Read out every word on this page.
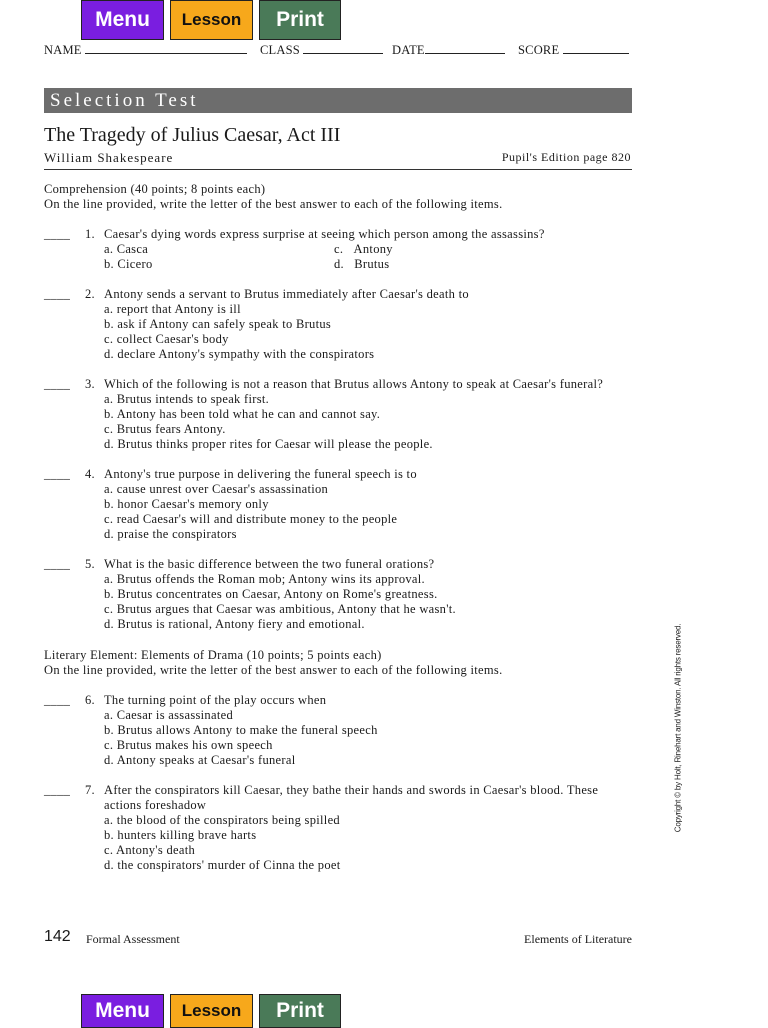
Menu	Lesson	Print
NAME	CLASS	DATE	SCORE
Selection Test
The Tragedy of Julius Caesar, Act III
William Shakespeare	Pupil's Edition page 820
Comprehension (40 points; 8 points each)
On the line provided, write the letter of the best answer to each of the following items.
____ 1. Caesar's dying words express surprise at seeing which person among the assassins?
a. Casca	c.   Antony
b. Cicero	d.   Brutus
____ 2. Antony sends a servant to Brutus immediately after Caesar's death to
a. report that Antony is ill
b. ask if Antony can safely speak to Brutus
c. collect Caesar's body
d. declare Antony's sympathy with the conspirators
____ 3. Which of the following is not a reason that Brutus allows Antony to speak at Caesar's funeral?
a. Brutus intends to speak first.
b. Antony has been told what he can and cannot say.
c. Brutus fears Antony.
d. Brutus thinks proper rites for Caesar will please the people.
____ 4. Antony's true purpose in delivering the funeral speech is to
a. cause unrest over Caesar's assassination
b. honor Caesar's memory only
c. read Caesar's will and distribute money to the people
d. praise the conspirators
____ 5. What is the basic difference between the two funeral orations?
a. Brutus offends the Roman mob; Antony wins its approval.
b. Brutus concentrates on Caesar, Antony on Rome's greatness.
c. Brutus argues that Caesar was ambitious, Antony that he wasn't.
d. Brutus is rational, Antony fiery and emotional.
Literary Element: Elements of Drama (10 points; 5 points each)
On the line provided, write the letter of the best answer to each of the following items.
____ 6. The turning point of the play occurs when
a. Caesar is assassinated
b. Brutus allows Antony to make the funeral speech
c. Brutus makes his own speech
d. Antony speaks at Caesar's funeral
____ 7. After the conspirators kill Caesar, they bathe their hands and swords in Caesar's blood. These actions foreshadow
a. the blood of the conspirators being spilled
b. hunters killing brave harts
c. Antony's death
d. the conspirators' murder of Cinna the poet
Copyright © by Holt, Rinehart and Winston. All rights reserved.
142 Formal Assessment	Elements of Literature
Menu	Lesson	Print
